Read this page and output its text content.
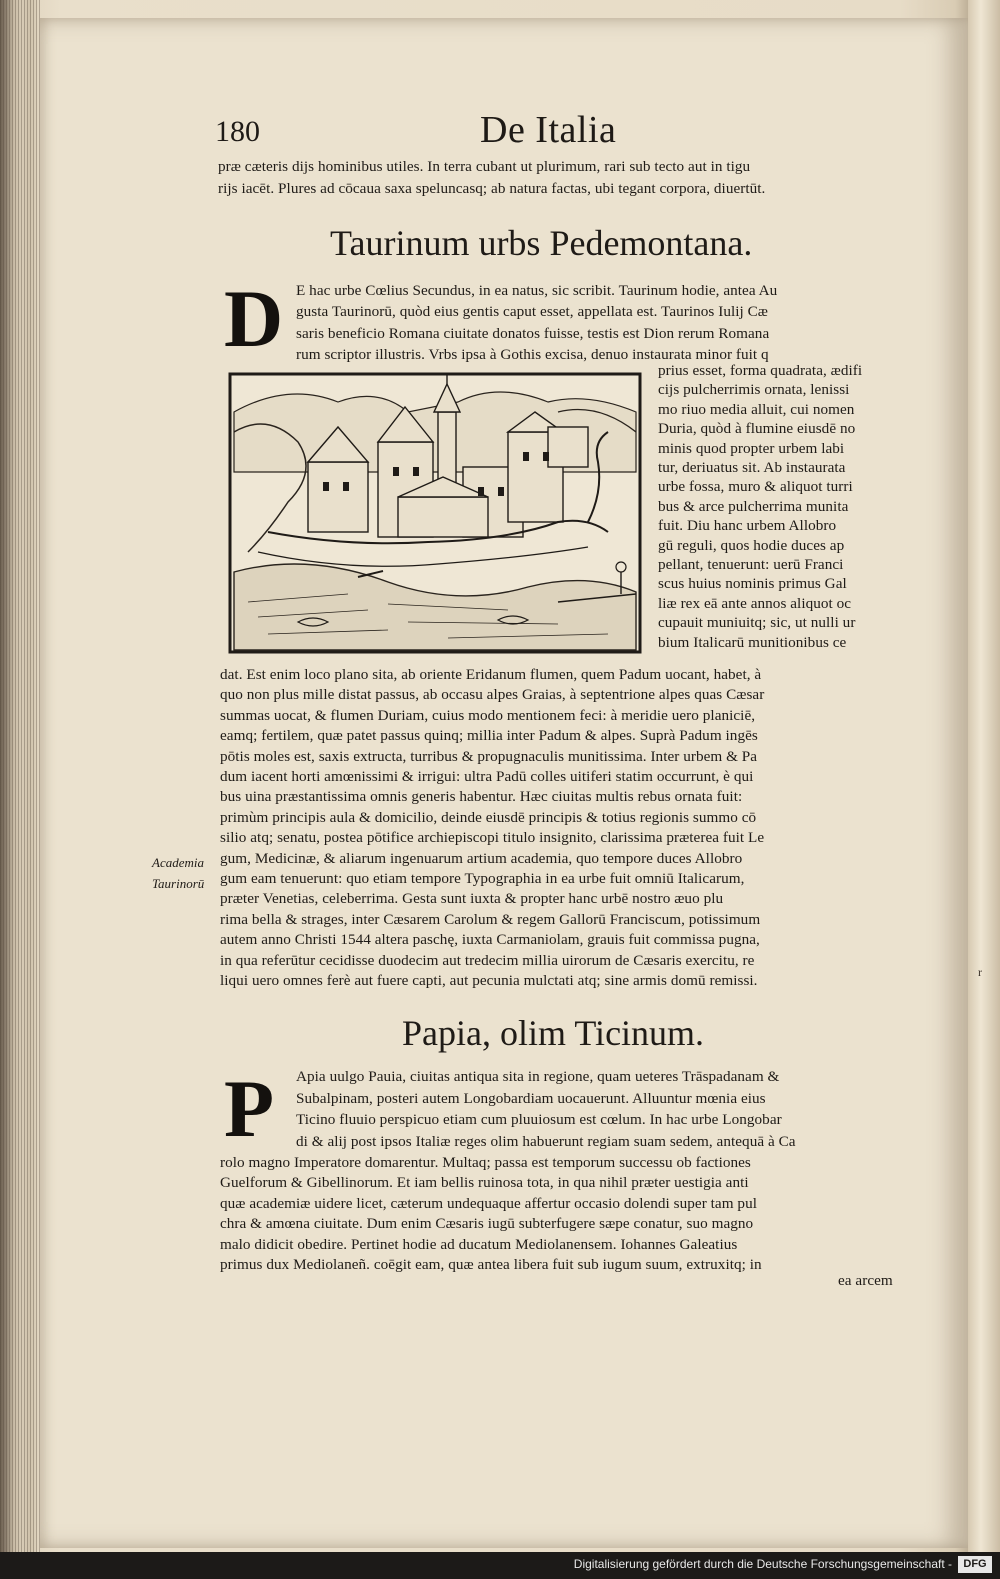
180	De Italia
præ cæteris dijs hominibus utiles. In terra cubant ut plurimum, rari sub tecto aut in tigu
rijs iacēt. Plures ad cōcaua saxa speluncasq; ab natura factas, ubi tegant corpora, diuertūt.
Taurinum urbs Pedemontana.
D E hac urbe Cœlius Secundus, in ea natus, sic scribit. Taurinum hodie, antea Au
gusta Taurinorū, quòd eius gentis caput esset, appellata est. Taurinos Iulij Cæ
saris beneficio Romana ciuitate donatos fuisse, testis est Dion rerum Romana
rum scriptor illustris. Vrbs ipsa à Gothis excisa, denuo instaurata minor fuit q
prius esset, forma quadrata, ædifi
cijs pulcherrimis ornata, lenissi
mo riuo media alluit, cui nomen
Duria, quòd à flumine eiusdē no
minis quod propter urbem labi
tur, deriuatus sit. Ab instaurata
urbe fossa, muro & aliquot turri
bus & arce pulcherrima munita
fuit. Diu hanc urbem Allobro
gū reguli, quos hodie duces ap
pellant, tenuerunt: uerū Franci
scus huius nominis primus Gal
liæ rex eā ante annos aliquot oc
cupauit muniuitq; sic, ut nulli ur
bium Italicarū munitionibus ce
dat. Est enim loco plano sita, ab oriente Eridanum flumen, quem Padum uocant, habet, à
quo non plus mille distat passus, ab occasu alpes Graias, à septentrione alpes quas Cæsar
summas uocat, & flumen Duriam, cuius modo mentionem feci: à meridie uero planiciē,
eamq; fertilem, quæ patet passus quinq; millia inter Padum & alpes. Suprà Padum ingēs
pōtis moles est, saxis extructa, turribus & propugnaculis munitissima. Inter urbem & Pa
dum iacent horti amœnissimi & irrigui: ultra Padū colles uitiferi statim occurrunt, è qui
bus uina præstantissima omnis generis habentur. Hæc ciuitas multis rebus ornata fuit:
primùm principis aula & domicilio, deinde eiusdē principis & totius regionis summo cō
silio atq; senatu, postea pōtifice archiepiscopi titulo insignito, clarissima præterea fuit Le
gum, Medicinæ, & aliarum ingenuarum artium academia, quo tempore duces Allobro
gum eam tenuerunt: quo etiam tempore Typographia in ea urbe fuit omniū Italicarum,
præter Venetias, celeberrima. Gesta sunt iuxta & propter hanc urbē nostro æuo plu
rima bella & strages, inter Cæsarem Carolum & regem Gallorū Franciscum, potissimum
autem anno Christi 1544 altera paschę, iuxta Carmaniolam, grauis fuit commissa pugna,
in qua referūtur cecidisse duodecim aut tredecim millia uirorum de Cæsaris exercitu, re
liqui uero omnes ferè aut fuere capti, aut pecunia mulctati atq; sine armis domū remissi.
Academia
Taurinorū
Papia, olim Ticinum.
P Apia uulgo Pauia, ciuitas antiqua sita in regione, quam ueteres Trāspadanam &
Subalpinam, posteri autem Longobardiam uocauerunt. Alluuntur mœnia eius
Ticino fluuio perspicuo etiam cum pluuiosum est cœlum. In hac urbe Longobar
di & alij post ipsos Italiæ reges olim habuerunt regiam suam sedem, antequā à Ca
rolo magno Imperatore domarentur. Multaq; passa est temporum successu ob factiones
Guelforum & Gibellinorum. Et iam bellis ruinosa tota, in qua nihil præter uestigia anti
quæ academiæ uidere licet, cæterum undequaque affertur occasio dolendi super tam pul
chra & amœna ciuitate. Dum enim Cæsaris iugū subterfugere sæpe conatur, suo magno
malo didicit obedire. Pertinet hodie ad ducatum Mediolanensem. Iohannes Galeatius
primus dux Mediolaneñ. coēgit eam, quæ antea libera fuit sub iugum suum, extruxitq; in
ea arcem
r
Digitalisierung gefördert durch die Deutsche Forschungsgemeinschaft -	DFG
